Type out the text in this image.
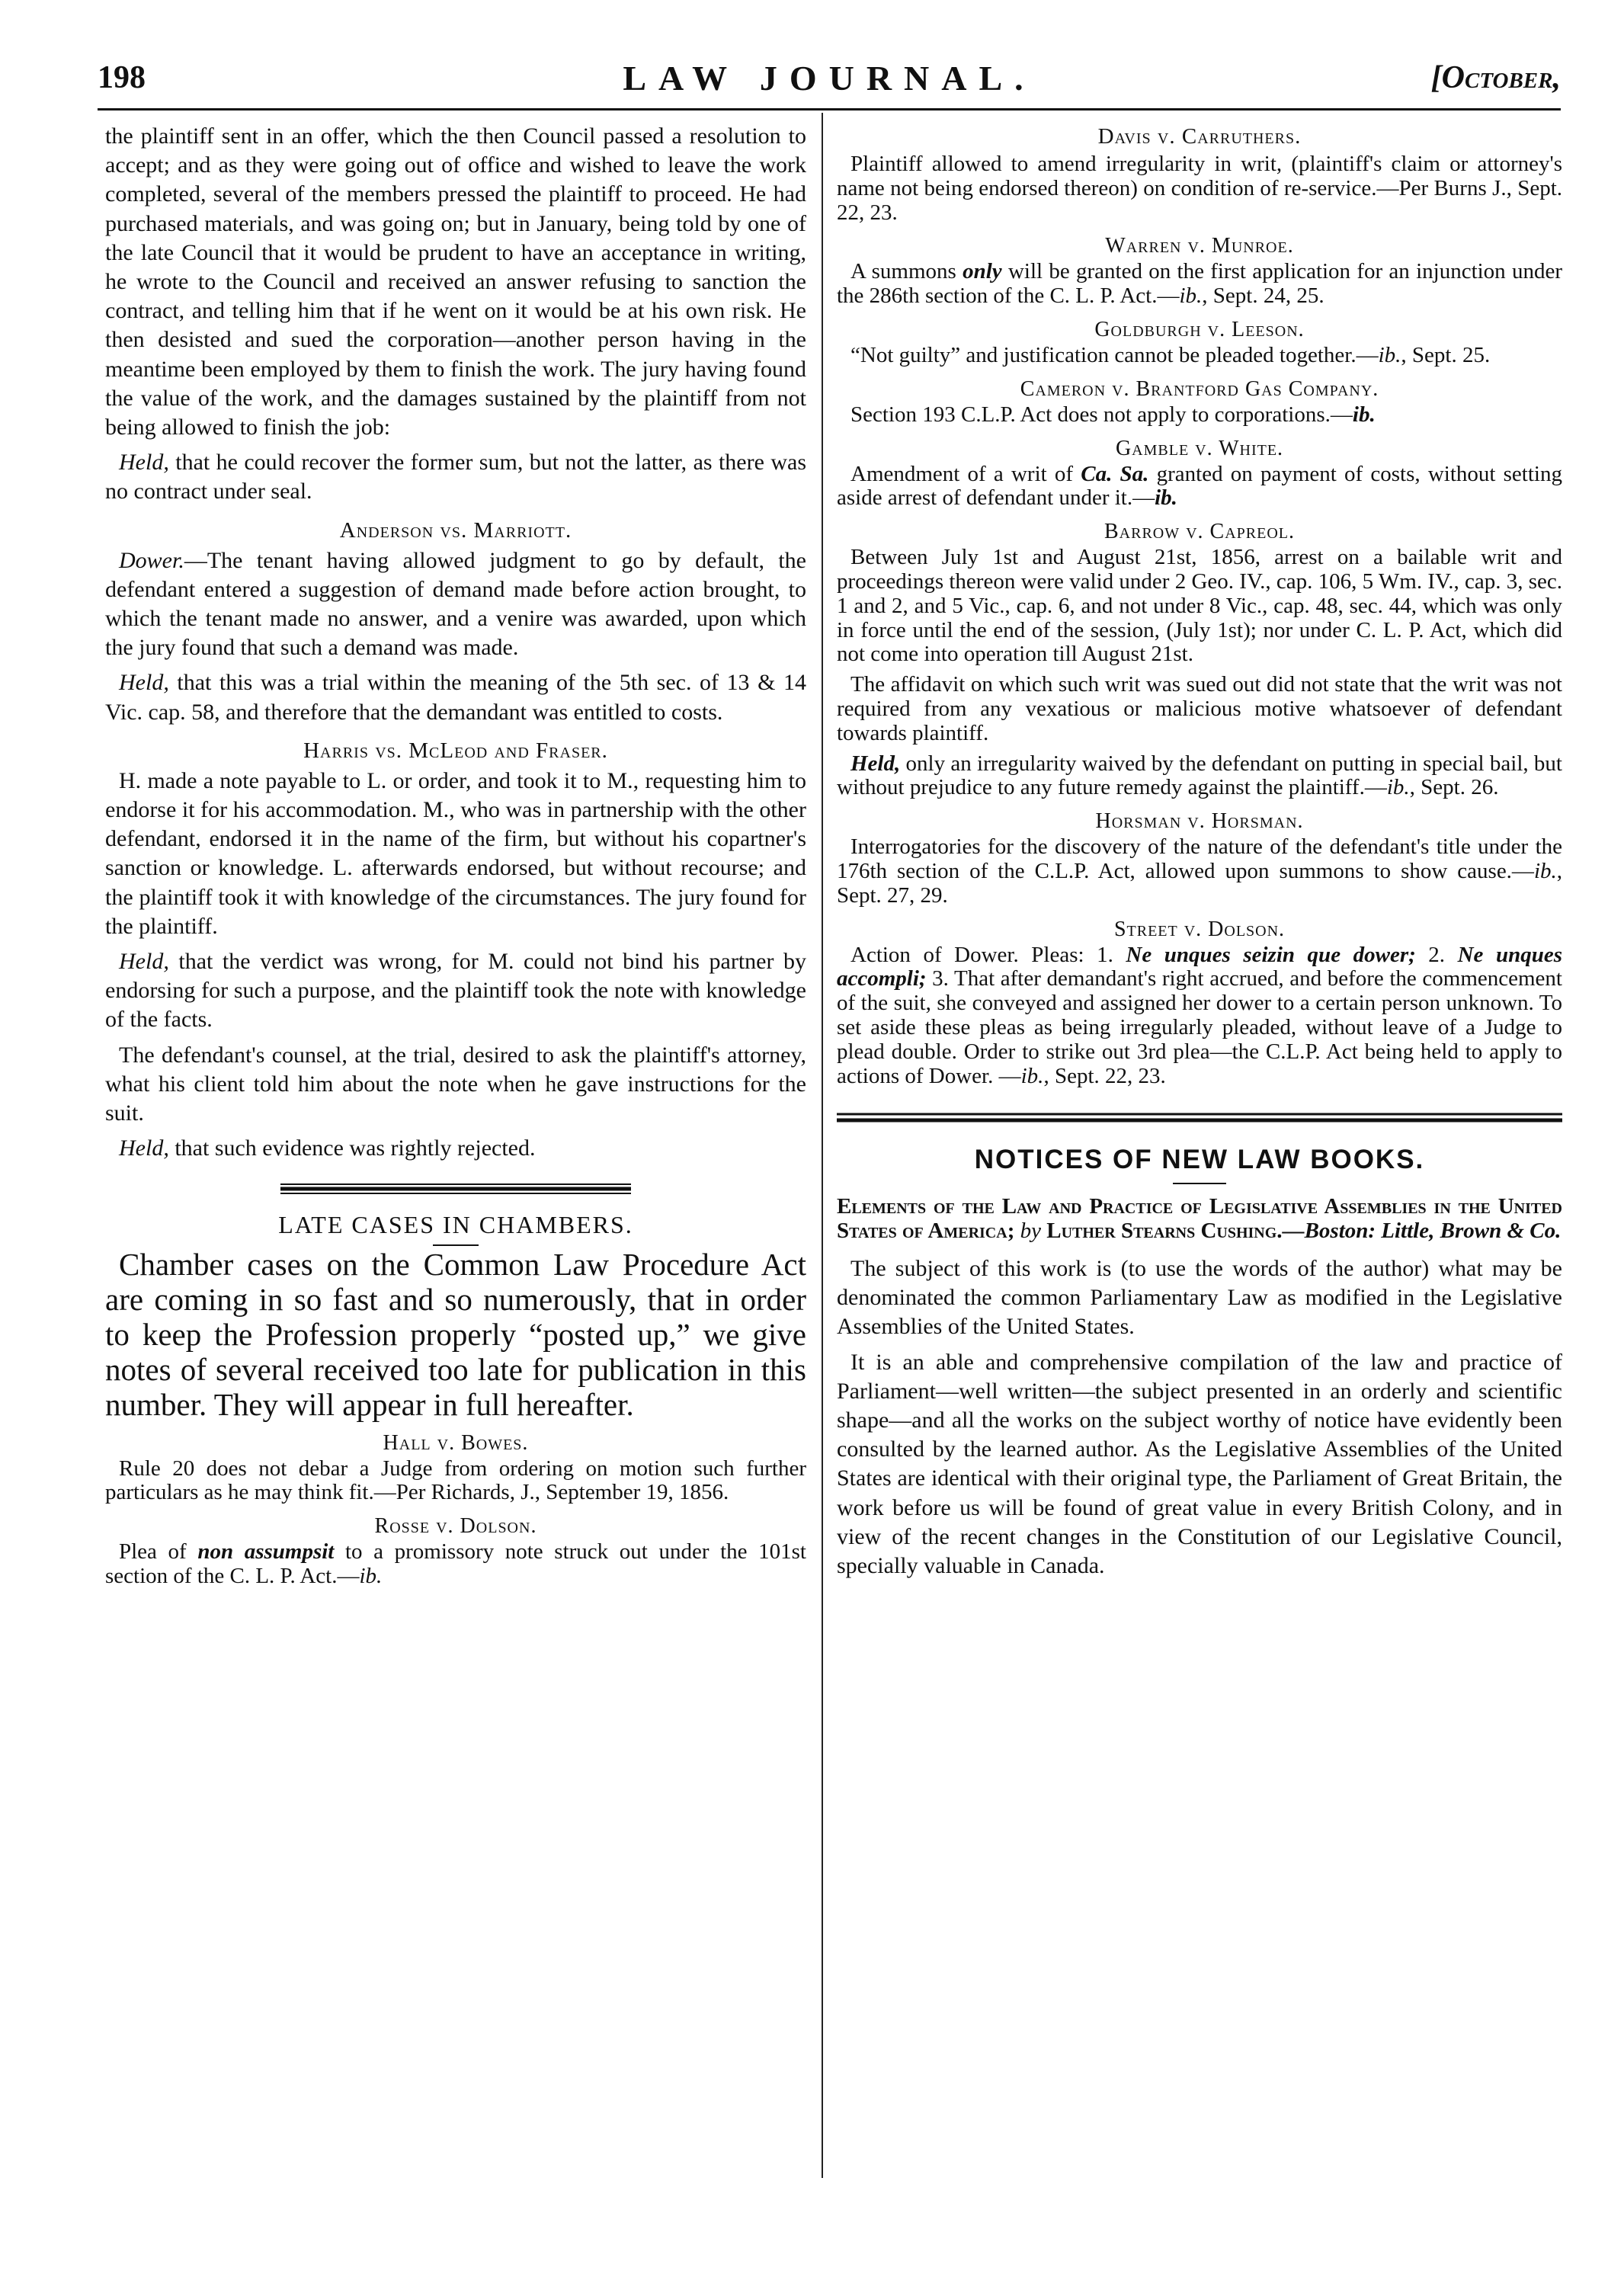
198	LAW JOURNAL.	[October,

the plaintiff sent in an offer, which the then Council passed a resolution to accept; and as they were going out of office and wished to leave the work completed, several of the members pressed the plaintiff to proceed. He had purchased materials, and was going on; but in January, being told by one of the late Council that it would be prudent to have an acceptance in writing, he wrote to the Council and received an answer refusing to sanction the contract, and telling him that if he went on it would be at his own risk. He then desisted and sued the corporation—another person having in the meantime been employed by them to finish the work. The jury having found the value of the work, and the damages sustained by the plaintiff from not being allowed to finish the job:

Held, that he could recover the former sum, but not the latter, as there was no contract under seal.

Anderson vs. Marriott.

Dower.—The tenant having allowed judgment to go by default, the defendant entered a suggestion of demand made before action brought, to which the tenant made no answer, and a venire was awarded, upon which the jury found that such a demand was made.

Held, that this was a trial within the meaning of the 5th sec. of 13 & 14 Vic. cap. 58, and therefore that the demandant was entitled to costs.

Harris vs. McLeod and Fraser.

H. made a note payable to L. or order, and took it to M., requesting him to endorse it for his accommodation. M., who was in partnership with the other defendant, endorsed it in the name of the firm, but without his copartner's sanction or knowledge. L. afterwards endorsed, but without recourse; and the plaintiff took it with knowledge of the circumstances. The jury found for the plaintiff.

Held, that the verdict was wrong, for M. could not bind his partner by endorsing for such a purpose, and the plaintiff took the note with knowledge of the facts.

The defendant's counsel, at the trial, desired to ask the plaintiff's attorney, what his client told him about the note when he gave instructions for the suit.

Held, that such evidence was rightly rejected.

LATE CASES IN CHAMBERS.

Chamber cases on the Common Law Procedure Act are coming in so fast and so numerously, that in order to keep the Profession properly “posted up,” we give notes of several received too late for publication in this number. They will appear in full hereafter.

Hall v. Bowes.

Rule 20 does not debar a Judge from ordering on motion such further particulars as he may think fit.—Per Richards, J., September 19, 1856.

Rosse v. Dolson.

Plea of non assumpsit to a promissory note struck out under the 101st section of the C. L. P. Act.—ib.

Davis v. Carruthers.

Plaintiff allowed to amend irregularity in writ, (plaintiff's claim or attorney's name not being endorsed thereon) on condition of re-service.—Per Burns J., Sept. 22, 23.

Warren v. Munroe.

A summons only will be granted on the first application for an injunction under the 286th section of the C. L. P. Act.—ib., Sept. 24, 25.

Goldburgh v. Leeson.

“Not guilty” and justification cannot be pleaded together.—ib., Sept. 25.

Cameron v. Brantford Gas Company.

Section 193 C.L.P. Act does not apply to corporations.—ib.

Gamble v. White.

Amendment of a writ of Ca. Sa. granted on payment of costs, without setting aside arrest of defendant under it.—ib.

Barrow v. Capreol.

Between July 1st and August 21st, 1856, arrest on a bailable writ and proceedings thereon were valid under 2 Geo. IV., cap. 106, 5 Wm. IV., cap. 3, sec. 1 and 2, and 5 Vic., cap. 6, and not under 8 Vic., cap. 48, sec. 44, which was only in force until the end of the session, (July 1st); nor under C. L. P. Act, which did not come into operation till August 21st.

The affidavit on which such writ was sued out did not state that the writ was not required from any vexatious or malicious motive whatsoever of defendant towards plaintiff.

Held, only an irregularity waived by the defendant on putting in special bail, but without prejudice to any future remedy against the plaintiff.—ib., Sept. 26.

Horsman v. Horsman.

Interrogatories for the discovery of the nature of the defendant's title under the 176th section of the C.L.P. Act, allowed upon summons to show cause.—ib., Sept. 27, 29.

Street v. Dolson.

Action of Dower. Pleas: 1. Ne unques seizin que dower; 2. Ne unques accompli; 3. That after demandant's right accrued, and before the commencement of the suit, she conveyed and assigned her dower to a certain person unknown. To set aside these pleas as being irregularly pleaded, without leave of a Judge to plead double. Order to strike out 3rd plea—the C.L.P. Act being held to apply to actions of Dower. —ib., Sept. 22, 23.

NOTICES OF NEW LAW BOOKS.

Elements of the Law and Practice of Legislative Assemblies in the United States of America; by Luther Stearns Cushing.—Boston: Little, Brown & Co.

The subject of this work is (to use the words of the author) what may be denominated the common Parliamentary Law as modified in the Legislative Assemblies of the United States.

It is an able and comprehensive compilation of the law and practice of Parliament—well written—the subject presented in an orderly and scientific shape—and all the works on the subject worthy of notice have evidently been consulted by the learned author. As the Legislative Assemblies of the United States are identical with their original type, the Parliament of Great Britain, the work before us will be found of great value in every British Colony, and in view of the recent changes in the Constitution of our Legislative Council, specially valuable in Canada.
